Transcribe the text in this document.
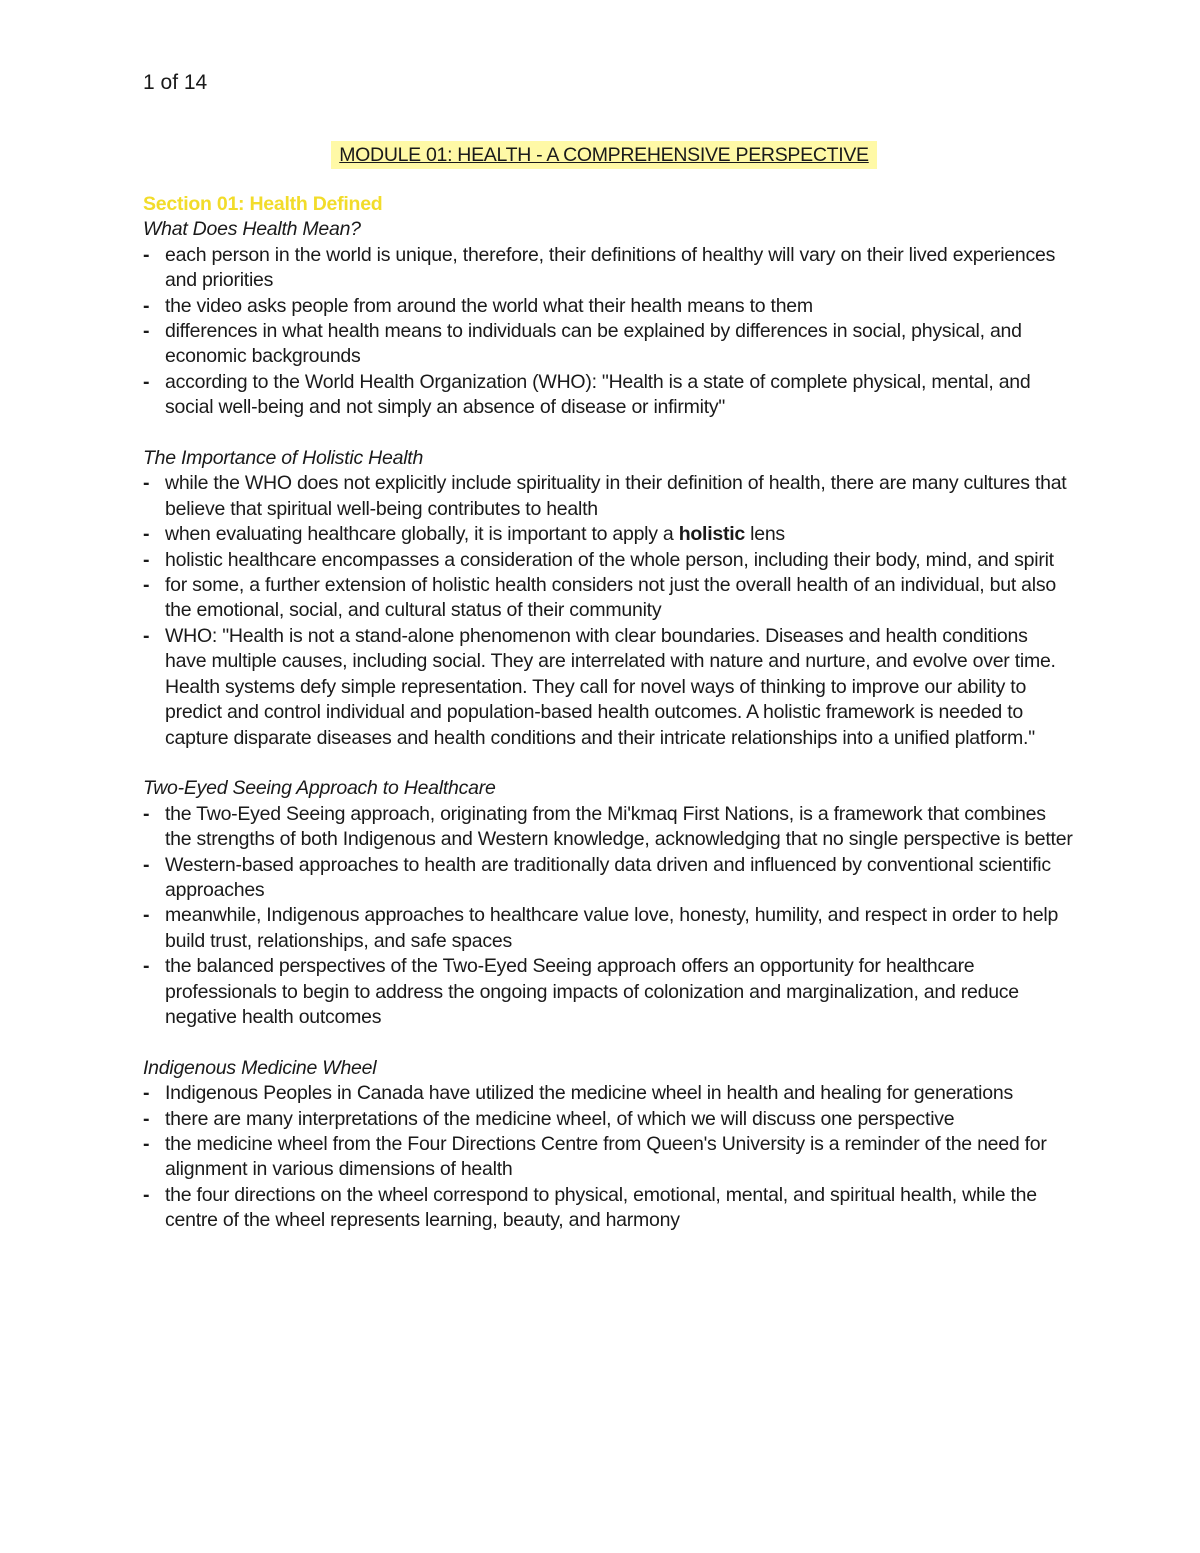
1 of 14
MODULE 01: HEALTH - A COMPREHENSIVE PERSPECTIVE

Section 01: Health Defined

What Does Health Mean?

- each person in the world is unique, therefore, their definitions of healthy will vary on their lived experiences and priorities
- the video asks people from around the world what their health means to them
- differences in what health means to individuals can be explained by differences in social, physical, and economic backgrounds
- according to the World Health Organization (WHO): "Health is a state of complete physical, mental, and social well-being and not simply an absence of disease or infirmity"

The Importance of Holistic Health

- while the WHO does not explicitly include spirituality in their definition of health, there are many cultures that believe that spiritual well-being contributes to health
- when evaluating healthcare globally, it is important to apply a holistic lens
- holistic healthcare encompasses a consideration of the whole person, including their body, mind, and spirit
- for some, a further extension of holistic health considers not just the overall health of an individual, but also the emotional, social, and cultural status of their community
- WHO: "Health is not a stand-alone phenomenon with clear boundaries. Diseases and health conditions have multiple causes, including social. They are interrelated with nature and nurture, and evolve over time. Health systems defy simple representation. They call for novel ways of thinking to improve our ability to predict and control individual and population-based health outcomes. A holistic framework is needed to capture disparate diseases and health conditions and their intricate relationships into a unified platform."

Two-Eyed Seeing Approach to Healthcare

- the Two-Eyed Seeing approach, originating from the Mi'kmaq First Nations, is a framework that combines the strengths of both Indigenous and Western knowledge, acknowledging that no single perspective is better
- Western-based approaches to health are traditionally data driven and influenced by conventional scientific approaches
- meanwhile, Indigenous approaches to healthcare value love, honesty, humility, and respect in order to help build trust, relationships, and safe spaces
- the balanced perspectives of the Two-Eyed Seeing approach offers an opportunity for healthcare professionals to begin to address the ongoing impacts of colonization and marginalization, and reduce negative health outcomes

Indigenous Medicine Wheel

- Indigenous Peoples in Canada have utilized the medicine wheel in health and healing for generations
- there are many interpretations of the medicine wheel, of which we will discuss one perspective
- the medicine wheel from the Four Directions Centre from Queen's University is a reminder of the need for alignment in various dimensions of health
- the four directions on the wheel correspond to physical, emotional, mental, and spiritual health, while the centre of the wheel represents learning, beauty, and harmony
